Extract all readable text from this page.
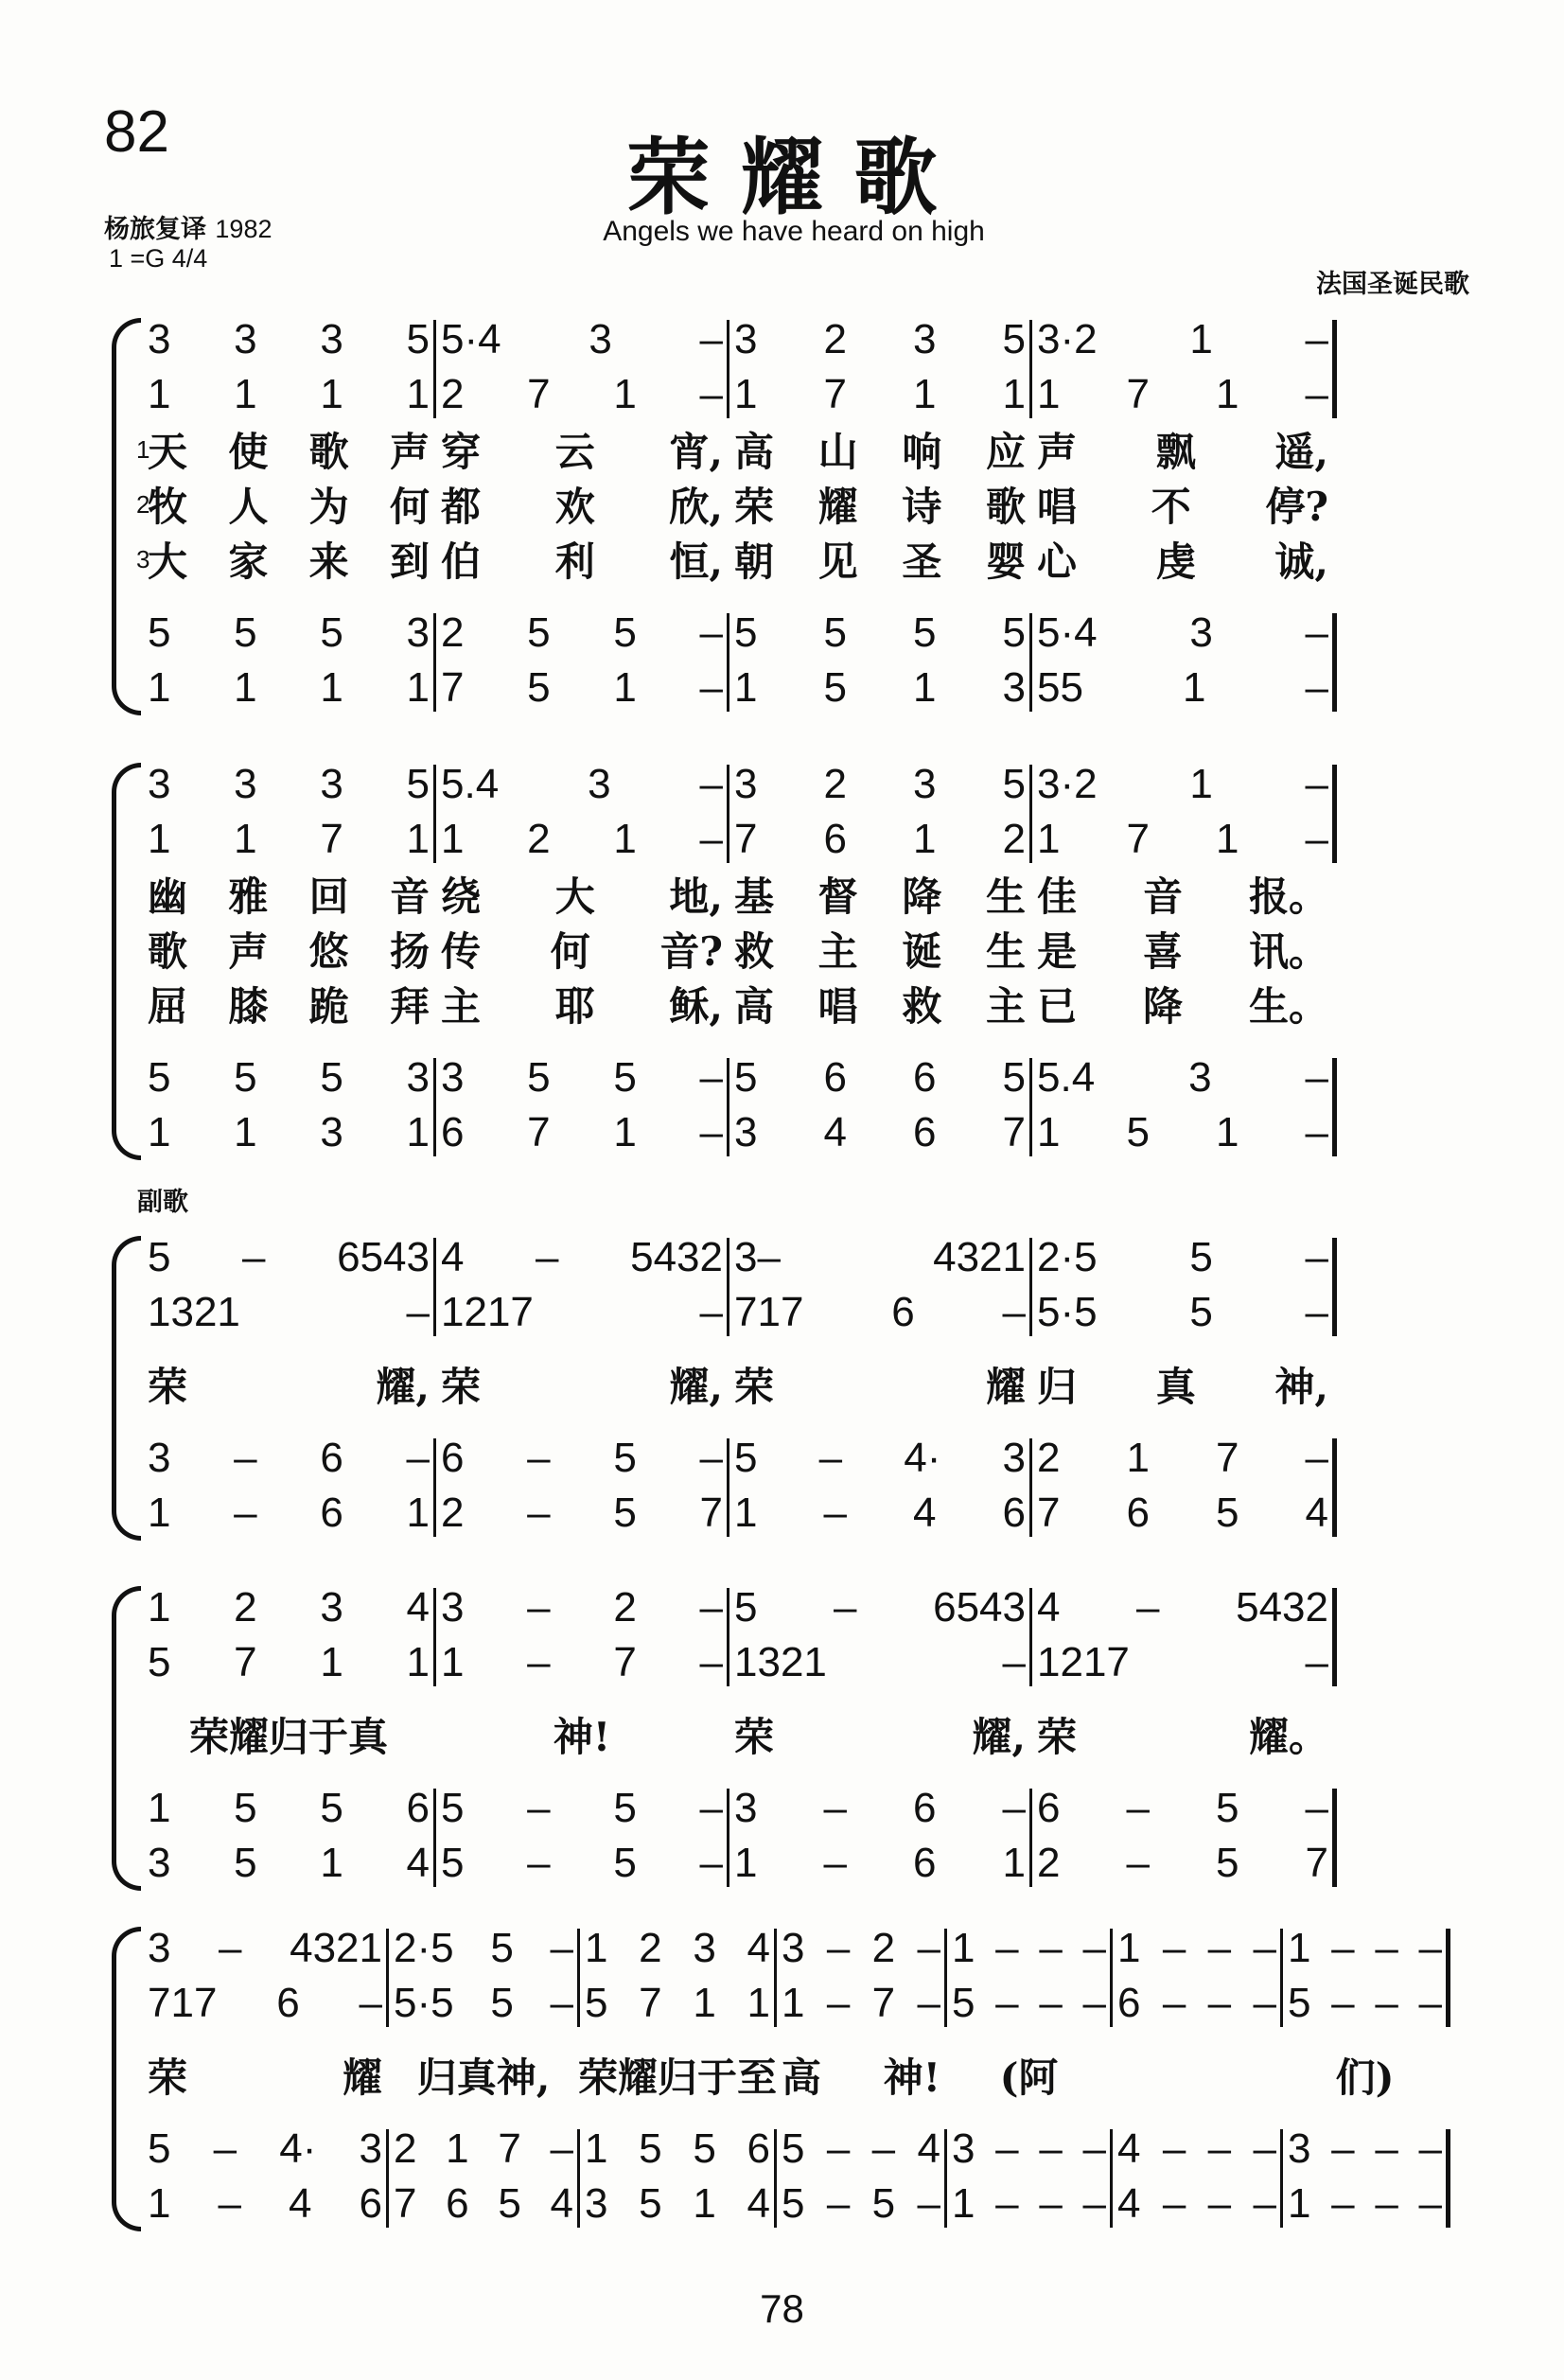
82	荣耀歌
Angels we have heard on high
杨旅复译 1982
1 =G 4/4
法国圣诞民歌
副歌
78
3 3 3 5 5·4 3 – 3 2 3 5 3·2 1 –
1 1 1 1 2 7 1 – 1 7 1 1 1 7 1 –
1
天 使 歌 声 穿 云 宵, 高 山 响 应 声 飘 遥,
2
牧 人 为 何 都 欢 欣, 荣 耀 诗 歌 唱 不 停?
3
大 家 来 到 伯 利 恒, 朝 见 圣 婴 心 虔 诚,
5 5 5 3 2 5 5 – 5 5 5 5 5·4 3 –
1 1 1 1 7 5 1 – 1 5 1 3 55 1 –
3 3 3 5 5.4 3 – 3 2 3 5 3·2 1 –
1 1 7 1 1 2 1 – 7 6 1 2 1 7 1 –
幽 雅 回 音 绕 大 地, 基 督 降 生 佳 音 报。
歌 声 悠 扬 传 何 音? 救 主 诞 生 是 喜 讯。
屈 膝 跪 拜 主 耶 稣, 高 唱 救 主 已 降 生。
5 5 5 3 3 5 5 – 5 6 6 5 5.4 3 –
1 1 3 1 6 7 1 – 3 4 6 7 1 5 1 –
5 – 6543 4 – 5432 3–	4321 2·5 5 –
1321	– 1217	– 717 6 – 5·5 5 –
荣	耀, 荣	耀, 荣	耀 归 真 神,
3 – 6 – 6 – 5 – 5 – 4· 3 2 1 7 –
1 – 6 1 2 – 5 7 1 – 4 6 7 6 5 4
1 2 3 4 3 – 2 – 5 – 6543 4 – 5432
5 7 1 1 1 – 7 – 1321	– 1217	–
荣耀归于真	神!	荣	耀, 荣	耀。
1 5 5 6 5 – 5 – 3 – 6 – 6 – 5 –
3 5 1 4 5 – 5 – 1 – 6 1 2 – 5 7
3 – 4321 2·5 5 – 1 2 3 4 3 – 2 – 1 – – – 1 – – – 1 – – –
717 6 – 5·5 5 – 5 7 1 1 1 – 7 – 5 – – – 6 – – – 5 – – –
荣	耀 归真神, 荣耀归于至 高 神! (阿	们)
5 – 4· 3 2 1 7 – 1 5 5 6 5 – – 4 3 – – – 4 – – – 3 – – –
1 – 4 6 7 6 5 4 3 5 1 4 5 – 5 – 1 – – – 4 – – – 1 – – –
